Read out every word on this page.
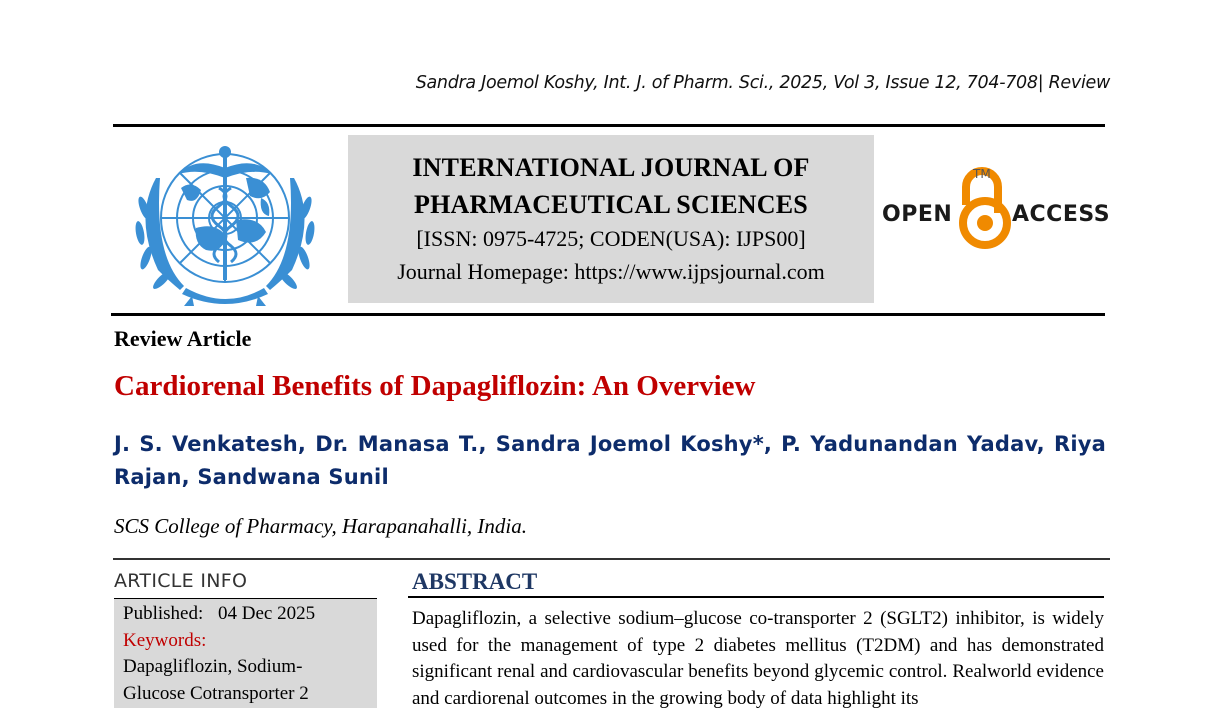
Sandra Joemol Koshy, Int. J. of Pharm. Sci., 2025, Vol 3, Issue 12, 704-708| Review
INTERNATIONAL JOURNAL OF
PHARMACEUTICAL SCIENCES
[ISSN: 0975-4725; CODEN(USA): IJPS00]
Journal Homepage: https://www.ijpsjournal.com
OPEN
TM
ACCESS
Review Article
Cardiorenal Benefits of Dapagliflozin: An Overview
J. S. Venkatesh, Dr. Manasa T., Sandra Joemol Koshy*, P. Yadunandan Yadav, Riya Rajan, Sandwana Sunil
SCS College of Pharmacy, Harapanahalli, India.
ARTICLE INFO
Published: 04 Dec 2025
Keywords:
Dapagliflozin, Sodium-
Glucose Cotransporter 2
ABSTRACT
Dapagliflozin, a selective sodium–glucose co-transporter 2 (SGLT2) inhibitor, is widely used for the management of type 2 diabetes mellitus (T2DM) and has demonstrated significant renal and cardiovascular benefits beyond glycemic control. Realworld evidence and cardiorenal outcomes in the growing body of data highlight its
